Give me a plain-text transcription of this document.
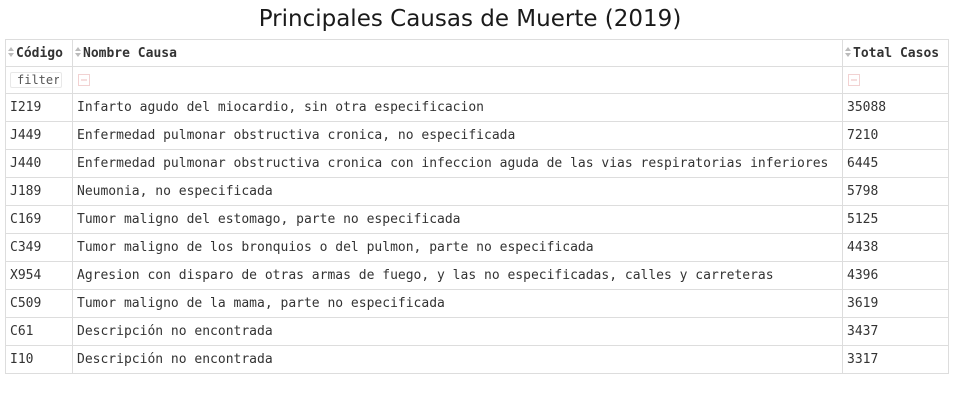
Principales Causas de Muerte (2019)
Código	Nombre Causa	Total Casos
filter		
I219	Infarto agudo del miocardio, sin otra especificacion	35088
J449	Enfermedad pulmonar obstructiva cronica, no especificada	7210
J440	Enfermedad pulmonar obstructiva cronica con infeccion aguda de las vias respiratorias inferiores	6445
J189	Neumonia, no especificada	5798
C169	Tumor maligno del estomago, parte no especificada	5125
C349	Tumor maligno de los bronquios o del pulmon, parte no especificada	4438
X954	Agresion con disparo de otras armas de fuego, y las no especificadas, calles y carreteras	4396
C509	Tumor maligno de la mama, parte no especificada	3619
C61	Descripción no encontrada	3437
I10	Descripción no encontrada	3317
